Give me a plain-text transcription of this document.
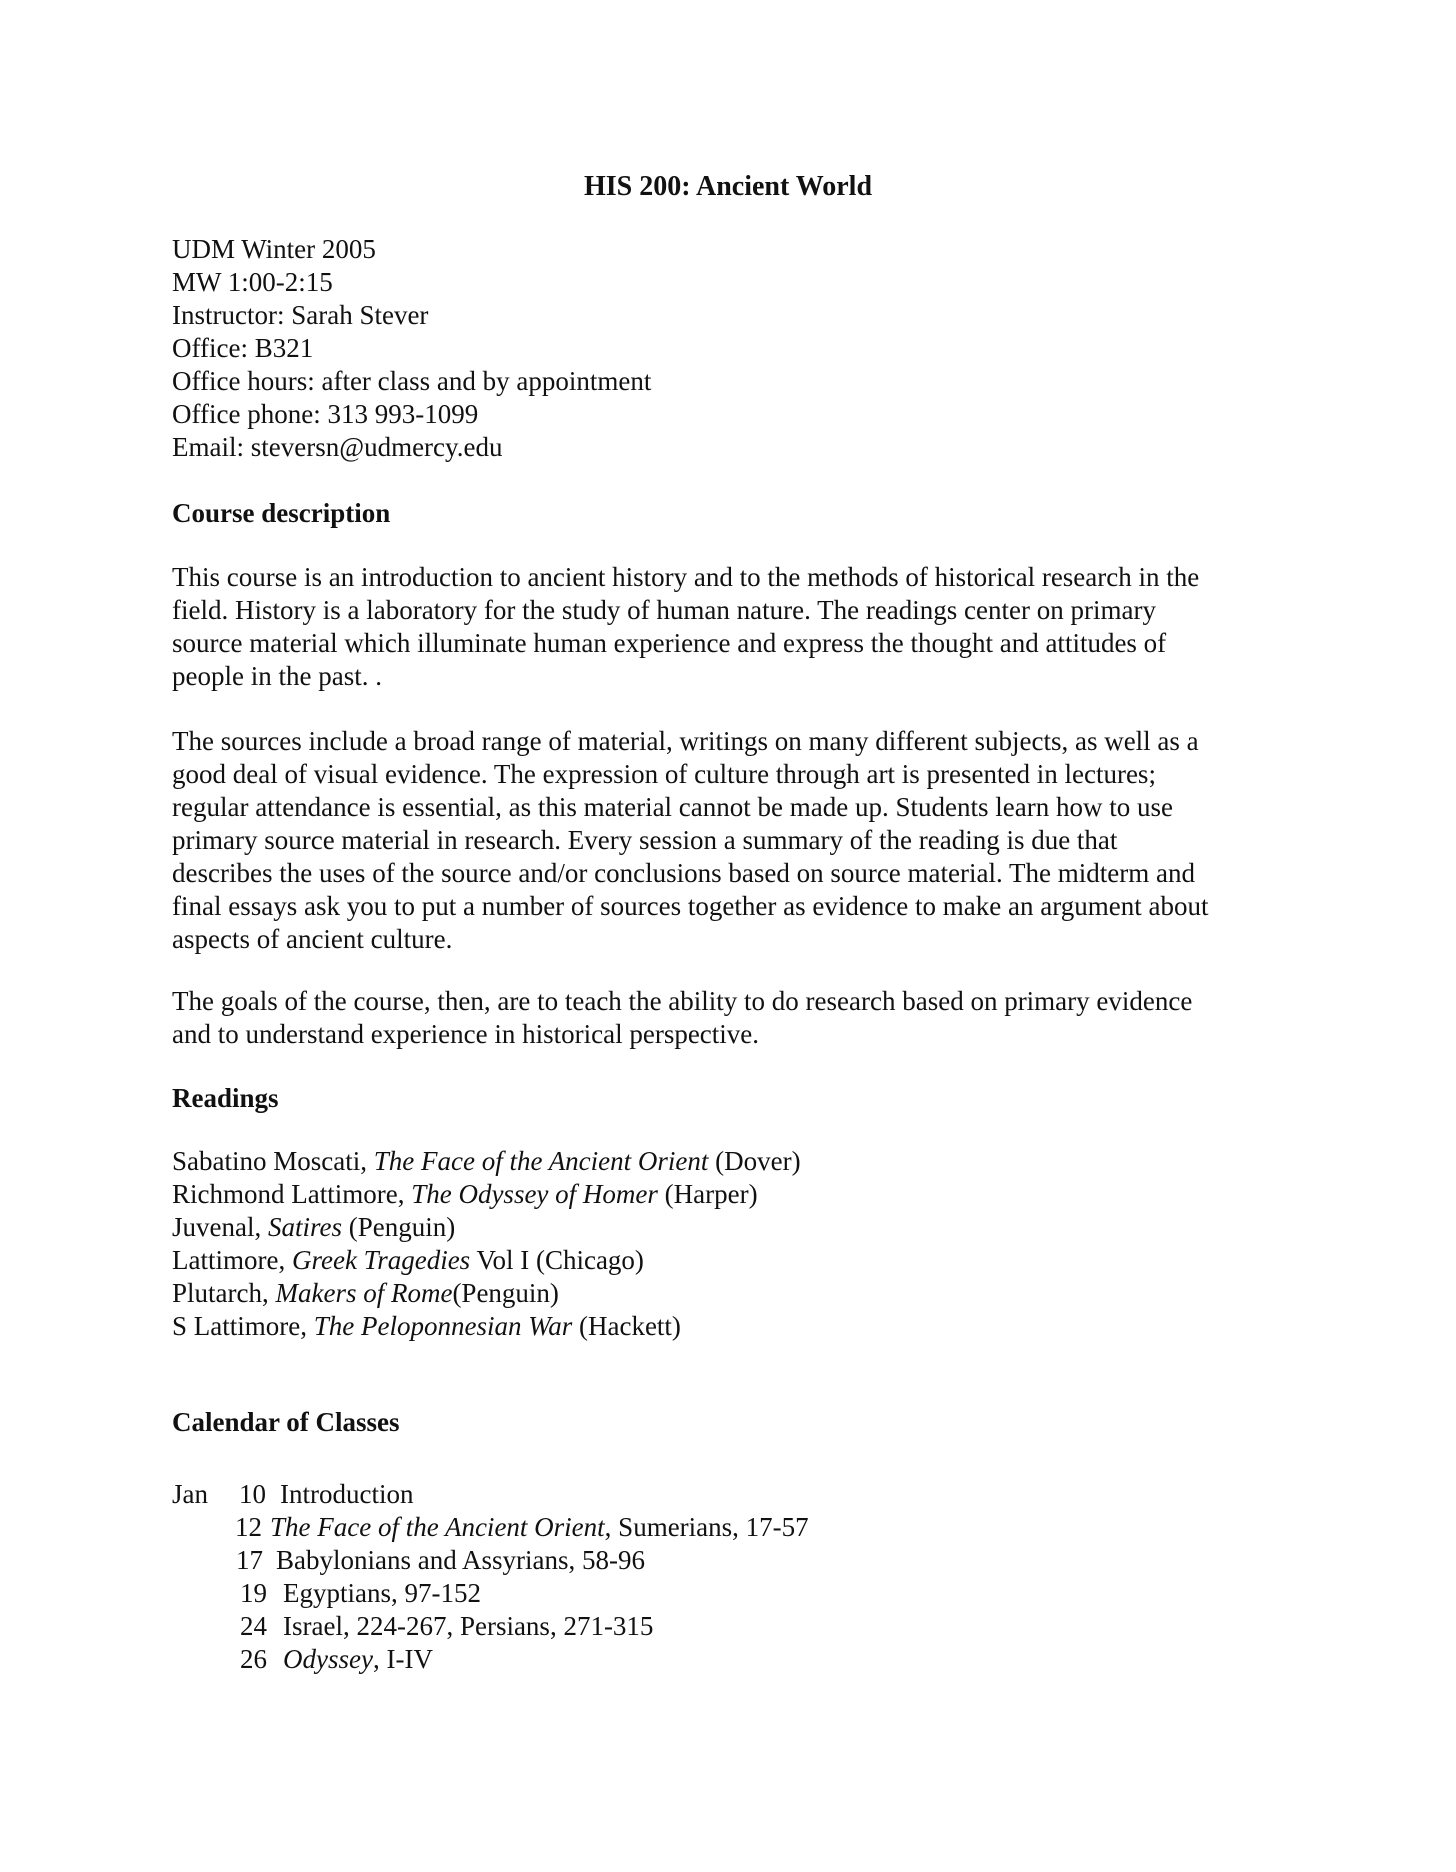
HIS 200: Ancient World
UDM Winter 2005
MW 1:00-2:15
Instructor: Sarah Stever
Office: B321
Office hours: after class and by appointment
Office phone: 313 993-1099
Email: steversn@udmercy.edu
Course description
This course is an introduction to ancient history and to the methods of historical research in the
field. History is a laboratory for the study of human nature. The readings center on primary
source material which illuminate human experience and express the thought and attitudes of
people in the past. .
The sources include a broad range of material, writings on many different subjects, as well as a
good deal of visual evidence. The expression of culture through art is presented in lectures;
regular attendance is essential, as this material cannot be made up. Students learn how to use
primary source material in research. Every session a summary of the reading is due that
describes the uses of the source and/or conclusions based on source material. The midterm and
final essays ask you to put a number of sources together as evidence to make an argument about
aspects of ancient culture.
The goals of the course, then, are to teach the ability to do research based on primary evidence
and to understand experience in historical perspective.
Readings
Sabatino Moscati, The Face of the Ancient Orient (Dover)
Richmond Lattimore, The Odyssey of Homer (Harper)
Juvenal, Satires (Penguin)
Lattimore, Greek Tragedies Vol I (Chicago)
Plutarch, Makers of Rome(Penguin)
S Lattimore, The Peloponnesian War (Hackett)
Calendar of Classes
Jan 10 Introduction
12 The Face of the Ancient Orient, Sumerians, 17-57
17 Babylonians and Assyrians, 58-96
19 Egyptians, 97-152
24 Israel, 224-267, Persians, 271-315
26 Odyssey, I-IV
